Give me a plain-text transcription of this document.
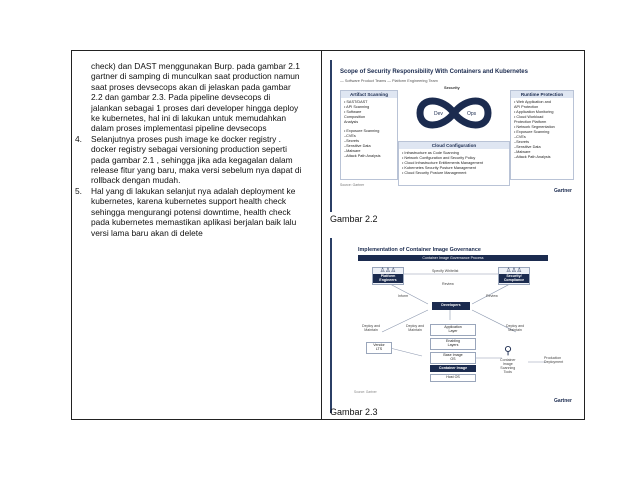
check) dan DAST menggunakan Burp. pada gambar 2.1
gartner di samping di munculkan saat production namun
saat proses devsecops akan di jelaskan pada gambar
2.2 dan gambar 2.3. Pada pipeline devsecops di
jalankan sebagai 1 proses dari developer hingga deploy
ke kubernetes, hal ini di lakukan untuk memudahkan
dalam proses implementasi pipeline devsecops
4. Selanjutnya proses push image ke docker registry .
docker registry sebagai versioning production seperti
pada gambar 2.1 , sehingga jika ada kegagalan dalam
release fitur yang baru, maka versi sebelum nya dapat di
rollback dengan mudah.
5. Hal yang di lakukan selanjut nya adalah deployment ke
kubernetes, karena kubernetes support health check
sehingga mengurangi potensi downtime, health check
pada kubernetes memastikan aplikasi berjalan baik lalu
versi lama baru akan di delete
Scope of Security Responsibility With Containers and Kubernetes
— Software Product Teams — Platform Engineering Team
Security
Artifact Scanning
• SAST/DAST
• API Scanning
• Software
Composition
Analysis
• Exposure Scanning
–CVEs
–Secrets
–Sensitive Data
–Malware
–Attack Path Analysis
Dev	Ops
Runtime Protection
• Web Application and
API Protection
• Application Monitoring
• Cloud Workload
Protection Platform
• Network Segmentation
• Exposure Scanning
–CVEs
–Secrets
–Sensitive Data
–Malware
–Attack Path Analysis
Cloud Configuration
• Infrastructure as Code Scanning
• Network Configuration and Security Policy
• Cloud Infrastructure Entitlements Management
• Kubernetes Security Posture Management
• Cloud Security Posture Management
Source: Gartner
Gartner
Gambar 2.2
Implementation of Container Image Governance
Container Image Governance Process
♙♙♙
Platform Engineers
♙♙♙
Security/ Compliance
Specify Whitelist
Review
Inform	Review
Developers
Deploy and
Maintain
Deploy and
Maintain
Deploy and
Maintain
Application
Layer
Enabling
Layers
Base Image
OS
Container Image
Host OS
Vendor
LTS	⚲
Container
Image
Scanning
Tools
Production
Deployment
Source: Gartner
Gartner
Gambar 2.3
